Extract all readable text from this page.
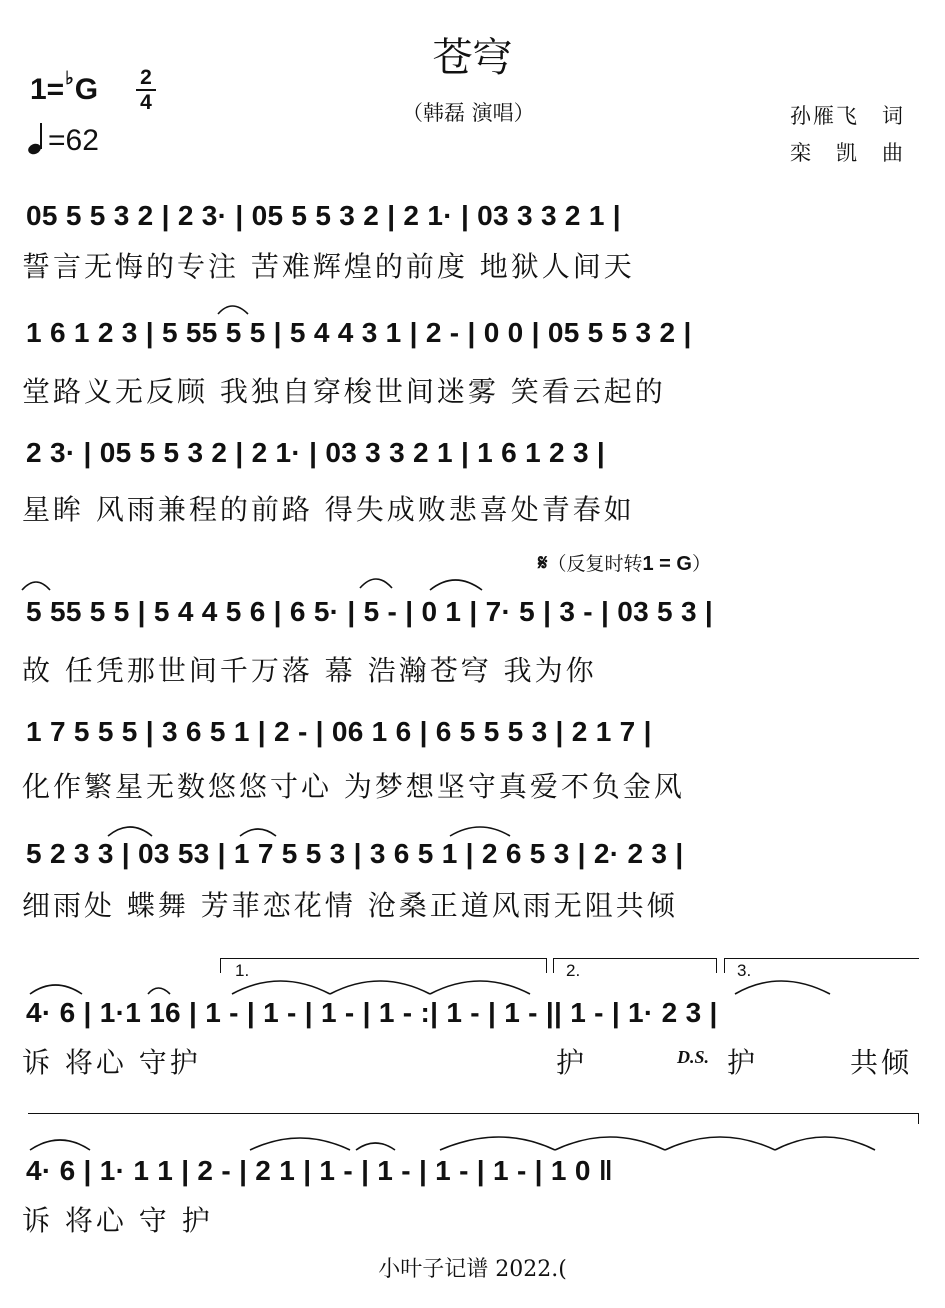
苍穹
1=♭G 2
4
=62
（韩磊 演唱）	孙雁飞　词
栾　凯　曲
05 5 5 3 2 | 2 3· | 05 5 5 3 2 | 2 1· | 03 3 3 2 1 |
誓言无悔的专注 苦难辉煌的前度 地狱人间天
1 6 1 2 3 | 5 55 5 5 | 5 4 4 3 1 | 2 - | 0 0 | 05 5 5 3 2 |
堂路义无反顾 我独自穿梭世间迷雾 笑看云起的
2 3· | 05 5 5 3 2 | 2 1· | 03 3 3 2 1 | 1 6 1 2 3 |
星眸 风雨兼程的前路 得失成败悲喜处青春如
𝄋（反复时转1 = G）
5 55 5 5 | 5 4 4 5 6 | 6 5· | 5 - | 0 1 | 7· 5 | 3 - | 03 5 3 |
故 任凭那世间千万落 幕 浩瀚苍穹 我为你
1 7 5 5 5 | 3 6 5 1 | 2 - | 06 1 6 | 6 5 5 5 3 | 2 1 7 |
化作繁星无数悠悠寸心 为梦想坚守真爱不负金风
5 2 3 3 | 03 53 | 1 7 5 5 3 | 3 6 5 1 | 2 6 5 3 | 2· 2 3 |
细雨处 蝶舞 芳菲恋花情 沧桑正道风雨无阻共倾
1.	2.	3.
4· 6 | 1·1 16 | 1 - | 1 - | 1 - | 1 - :| 1 - | 1 - || 1 - | 1· 2 3 |
诉 将心 守护	护	D.S. 护	共倾
4· 6 | 1· 1 1 | 2 - | 2 1 | 1 - | 1 - | 1 - | 1 - | 1 0 ‖
诉 将心 守 护
小叶子记谱 2022.(
